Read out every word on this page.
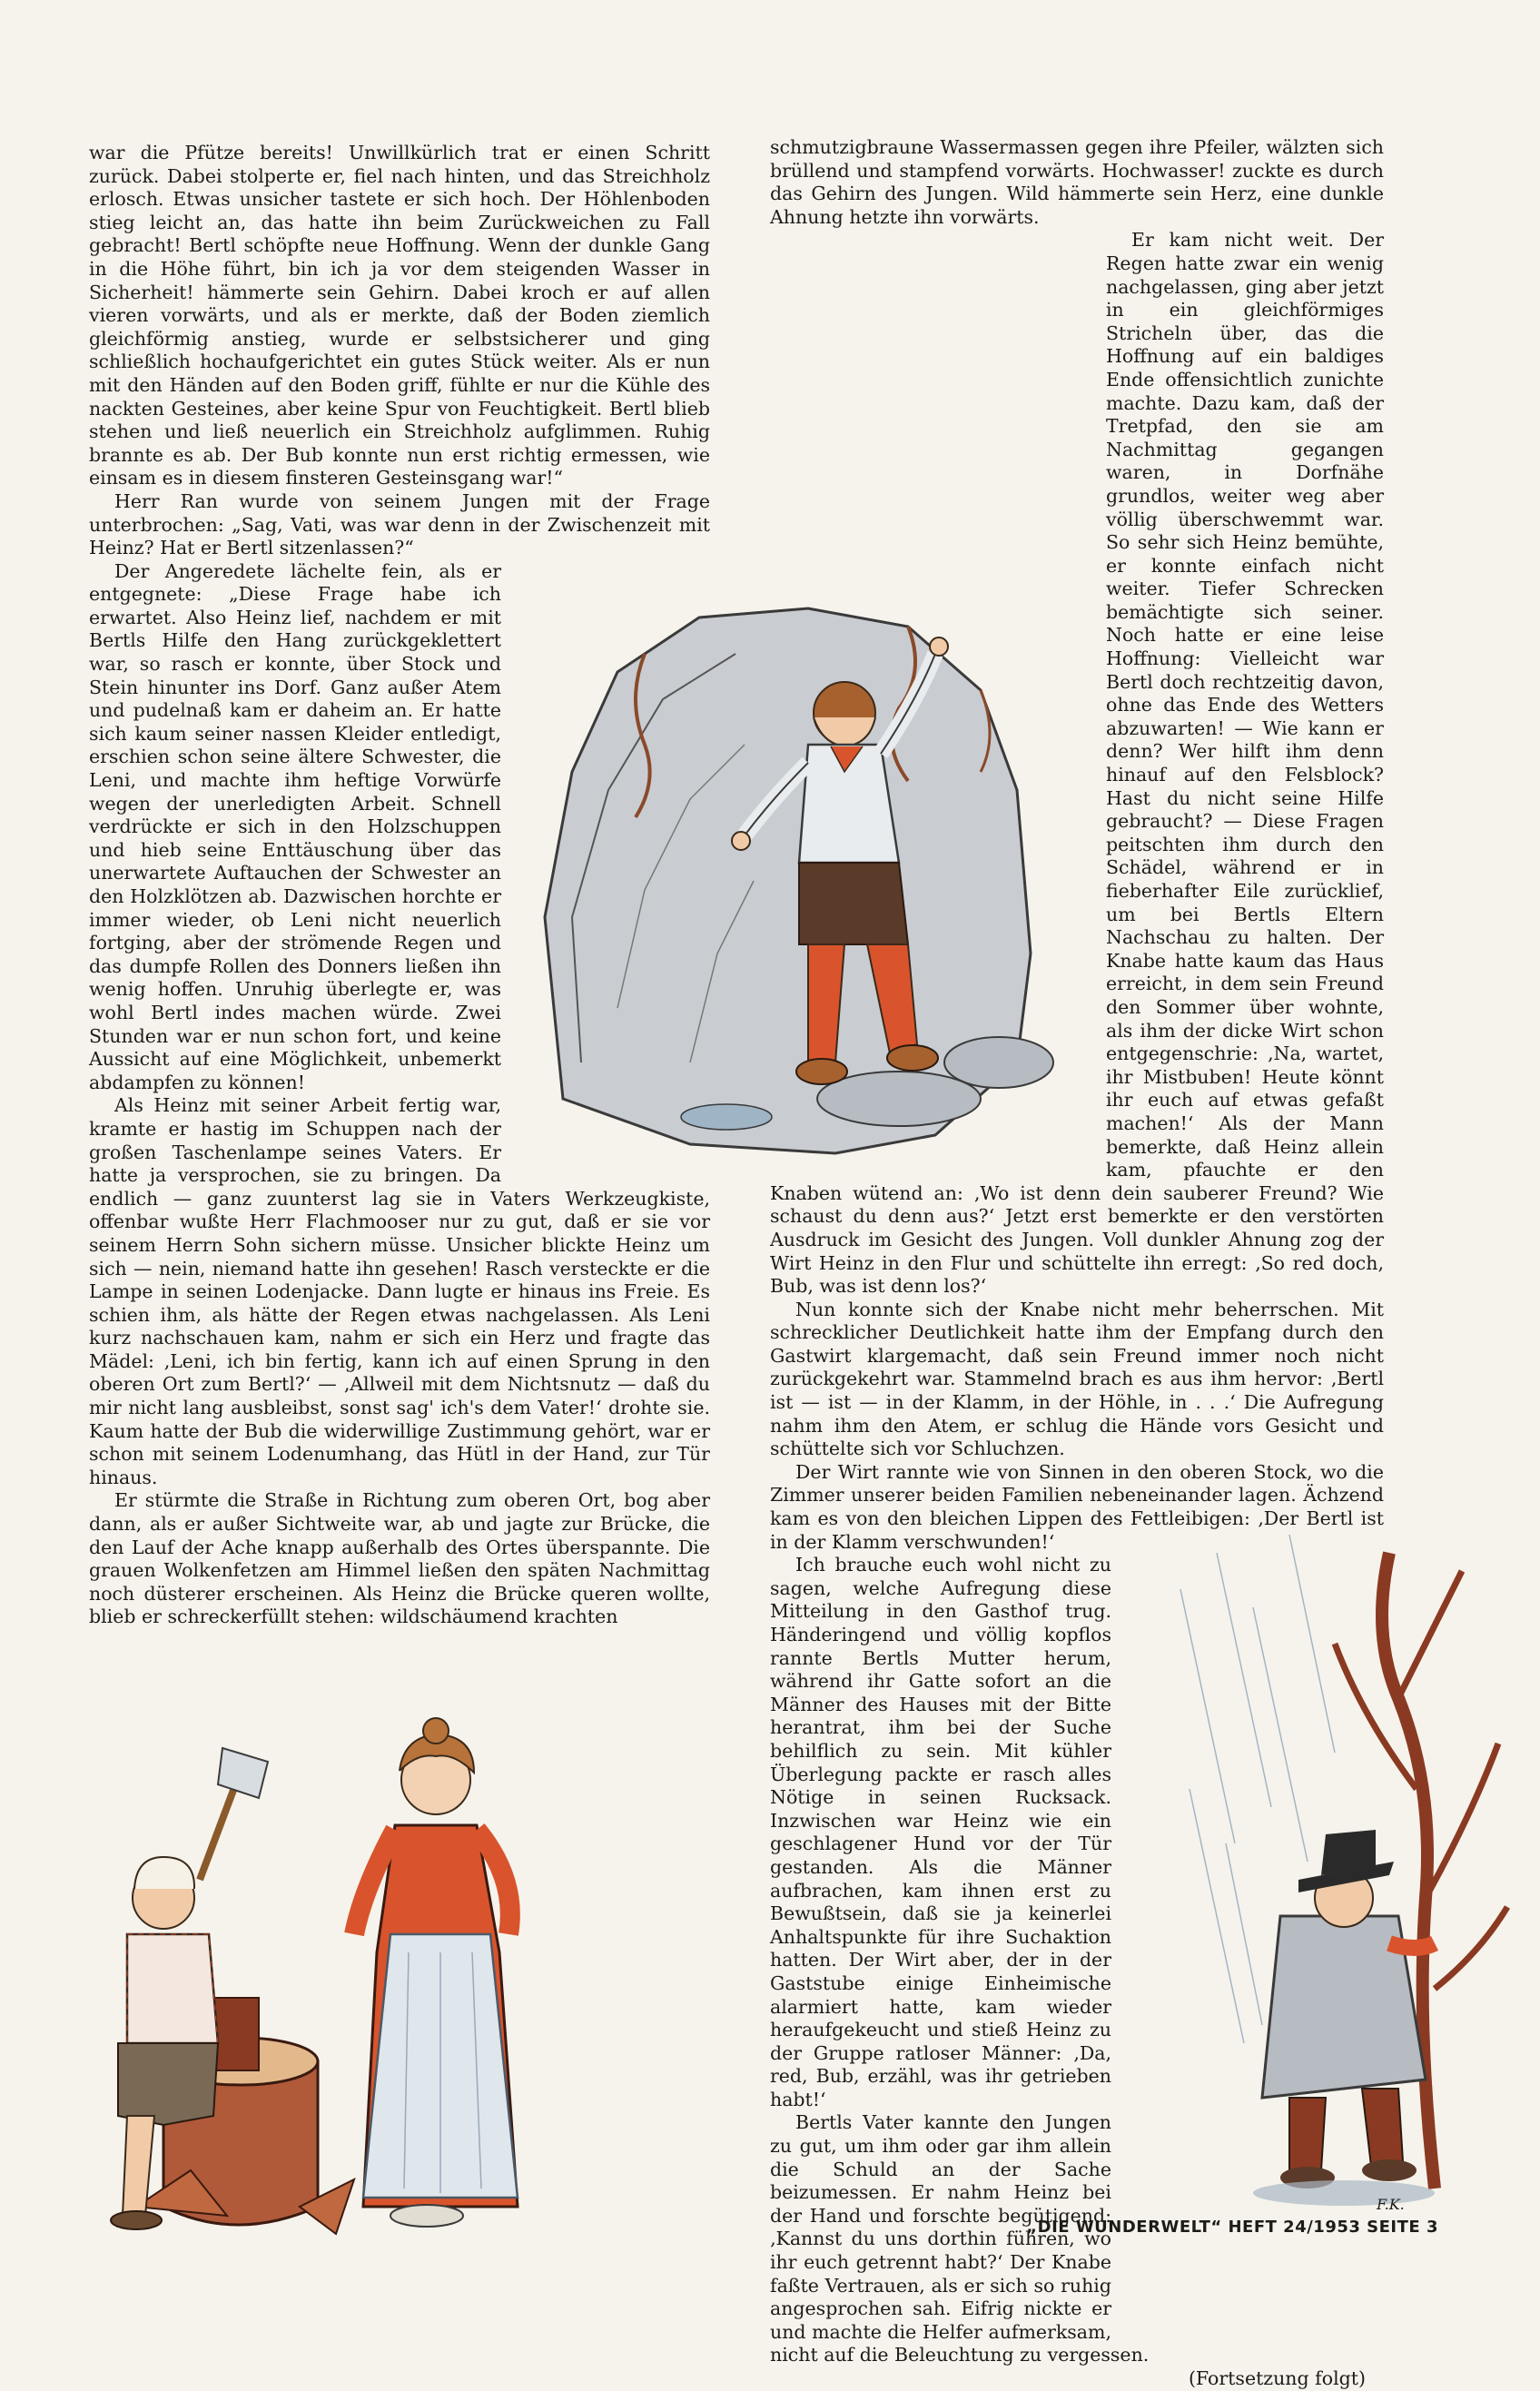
war die Pfütze bereits! Unwillkürlich trat er einen Schritt zurück. Dabei stolperte er, fiel nach hinten, und das Streichholz erlosch. Etwas unsicher tastete er sich hoch. Der Höhlenboden stieg leicht an, das hatte ihn beim Zurückweichen zu Fall gebracht! Bertl schöpfte neue Hoffnung. Wenn der dunkle Gang in die Höhe führt, bin ich ja vor dem steigenden Wasser in Sicherheit! hämmerte sein Gehirn. Dabei kroch er auf allen vieren vorwärts, und als er merkte, daß der Boden ziemlich gleichförmig anstieg, wurde er selbstsicherer und ging schließlich hochaufgerichtet ein gutes Stück weiter. Als er nun mit den Händen auf den Boden griff, fühlte er nur die Kühle des nackten Gesteines, aber keine Spur von Feuchtigkeit. Bertl blieb stehen und ließ neuerlich ein Streichholz aufglimmen. Ruhig brannte es ab. Der Bub konnte nun erst richtig ermessen, wie einsam es in diesem finsteren Gesteinsgang war!“

Herr Ran wurde von seinem Jungen mit der Frage unterbrochen: „Sag, Vati, was war denn in der Zwischenzeit mit Heinz? Hat er Bertl sitzenlassen?“

Der Angeredete lächelte fein, als er entgegnete: „Diese Frage habe ich erwartet. Also Heinz lief, nachdem er mit Bertls Hilfe den Hang zurückgeklettert war, so rasch er konnte, über Stock und Stein hinunter ins Dorf. Ganz außer Atem und pudelnaß kam er daheim an. Er hatte sich kaum seiner nassen Kleider entledigt, erschien schon seine ältere Schwester, die Leni, und machte ihm heftige Vorwürfe wegen der unerledigten Arbeit. Schnell verdrückte er sich in den Holzschuppen und hieb seine Enttäuschung über das unerwartete Auftauchen der Schwester an den Holzklötzen ab. Dazwischen horchte er immer wieder, ob Leni nicht neuerlich fortging, aber der strömende Regen und das dumpfe Rollen des Donners ließen ihn wenig hoffen. Unruhig überlegte er, was wohl Bertl indes machen würde. Zwei Stunden war er nun schon fort, und keine Aussicht auf eine Möglichkeit, unbemerkt abdampfen zu können!

Als Heinz mit seiner Arbeit fertig war, kramte er hastig im Schuppen nach der großen Taschenlampe seines Vaters. Er hatte ja versprochen, sie zu bringen. Da endlich — ganz zuunterst lag sie in Vaters Werkzeugkiste, offenbar wußte Herr Flachmooser nur zu gut, daß er sie vor seinem Herrn Sohn sichern müsse. Unsicher blickte Heinz um sich — nein, niemand hatte ihn gesehen! Rasch versteckte er die Lampe in seinen Lodenjacke. Dann lugte er hinaus ins Freie. Es schien ihm, als hätte der Regen etwas nachgelassen. Als Leni kurz nachschauen kam, nahm er sich ein Herz und fragte das Mädel: ‚Leni, ich bin fertig, kann ich auf einen Sprung in den oberen Ort zum Bertl?‘ — ‚Allweil mit dem Nichtsnutz — daß du mir nicht lang ausbleibst, sonst sag' ich's dem Vater!‘ drohte sie. Kaum hatte der Bub die widerwillige Zustimmung gehört, war er schon mit seinem Lodenumhang, das Hütl in der Hand, zur Tür hinaus.

Er stürmte die Straße in Richtung zum oberen Ort, bog aber dann, als er außer Sichtweite war, ab und jagte zur Brücke, die den Lauf der Ache knapp außerhalb des Ortes überspannte. Die grauen Wolkenfetzen am Himmel ließen den späten Nachmittag noch düsterer erscheinen. Als Heinz die Brücke queren wollte, blieb er schreckerfüllt stehen: wildschäumend krachten

schmutzigbraune Wassermassen gegen ihre Pfeiler, wälzten sich brüllend und stampfend vorwärts. Hochwasser! zuckte es durch das Gehirn des Jungen. Wild hämmerte sein Herz, eine dunkle Ahnung hetzte ihn vorwärts.

Er kam nicht weit. Der Regen hatte zwar ein wenig nachgelassen, ging aber jetzt in ein gleichförmiges Stricheln über, das die Hoffnung auf ein baldiges Ende offensichtlich zunichte machte. Dazu kam, daß der Tretpfad, den sie am Nachmittag gegangen waren, in Dorfnähe grundlos, weiter weg aber völlig überschwemmt war. So sehr sich Heinz bemühte, er konnte einfach nicht weiter. Tiefer Schrecken bemächtigte sich seiner. Noch hatte er eine leise Hoffnung: Vielleicht war Bertl doch rechtzeitig davon, ohne das Ende des Wetters abzuwarten! — Wie kann er denn? Wer hilft ihm denn hinauf auf den Felsblock? Hast du nicht seine Hilfe gebraucht? — Diese Fragen peitschten ihm durch den Schädel, während er in fieberhafter Eile zurücklief, um bei Bertls Eltern Nachschau zu halten. Der Knabe hatte kaum das Haus erreicht, in dem sein Freund den Sommer über wohnte, als ihm der dicke Wirt schon entgegenschrie: ‚Na, wartet, ihr Mistbuben! Heute könnt ihr euch auf etwas gefaßt machen!‘ Als der Mann bemerkte, daß Heinz allein kam, pfauchte er den Knaben wütend an: ‚Wo ist denn dein sauberer Freund? Wie schaust du denn aus?‘ Jetzt erst bemerkte er den verstörten Ausdruck im Gesicht des Jungen. Voll dunkler Ahnung zog der Wirt Heinz in den Flur und schüttelte ihn erregt: ‚So red doch, Bub, was ist denn los?‘

Nun konnte sich der Knabe nicht mehr beherrschen. Mit schrecklicher Deutlichkeit hatte ihm der Empfang durch den Gastwirt klargemacht, daß sein Freund immer noch nicht zurückgekehrt war. Stammelnd brach es aus ihm hervor: ‚Bertl ist — ist — in der Klamm, in der Höhle, in . . .‘ Die Aufregung nahm ihm den Atem, er schlug die Hände vors Gesicht und schüttelte sich vor Schluchzen.

Der Wirt rannte wie von Sinnen in den oberen Stock, wo die Zimmer unserer beiden Familien nebeneinander lagen. Ächzend kam es von den bleichen Lippen des Fettleibigen: ‚Der Bertl ist in der Klamm verschwunden!‘

Ich brauche euch wohl nicht zu sagen, welche Aufregung diese Mitteilung in den Gasthof trug. Händeringend und völlig kopflos rannte Bertls Mutter herum, während ihr Gatte sofort an die Männer des Hauses mit der Bitte herantrat, ihm bei der Suche behilflich zu sein. Mit kühler Überlegung packte er rasch alles Nötige in seinen Rucksack. Inzwischen war Heinz wie ein geschlagener Hund vor der Tür gestanden. Als die Männer aufbrachen, kam ihnen erst zu Bewußtsein, daß sie ja keinerlei Anhaltspunkte für ihre Suchaktion hatten. Der Wirt aber, der in der Gaststube einige Einheimische alarmiert hatte, kam wieder heraufgekeucht und stieß Heinz zu der Gruppe ratloser Männer: ‚Da, red, Bub, erzähl, was ihr getrieben habt!‘

Bertls Vater kannte den Jungen zu gut, um ihm oder gar ihm allein die Schuld an der Sache beizumessen. Er nahm Heinz bei der Hand und forschte begütigend: ‚Kannst du uns dorthin führen, wo ihr euch getrennt habt?‘ Der Knabe faßte Vertrauen, als er sich so ruhig angesprochen sah. Eifrig nickte er und machte die Helfer aufmerksam, nicht auf die Beleuchtung zu vergessen.

(Fortsetzung folgt)

F.K.
„DIE WUNDERWELT“ HEFT 24/1953 SEITE 3
